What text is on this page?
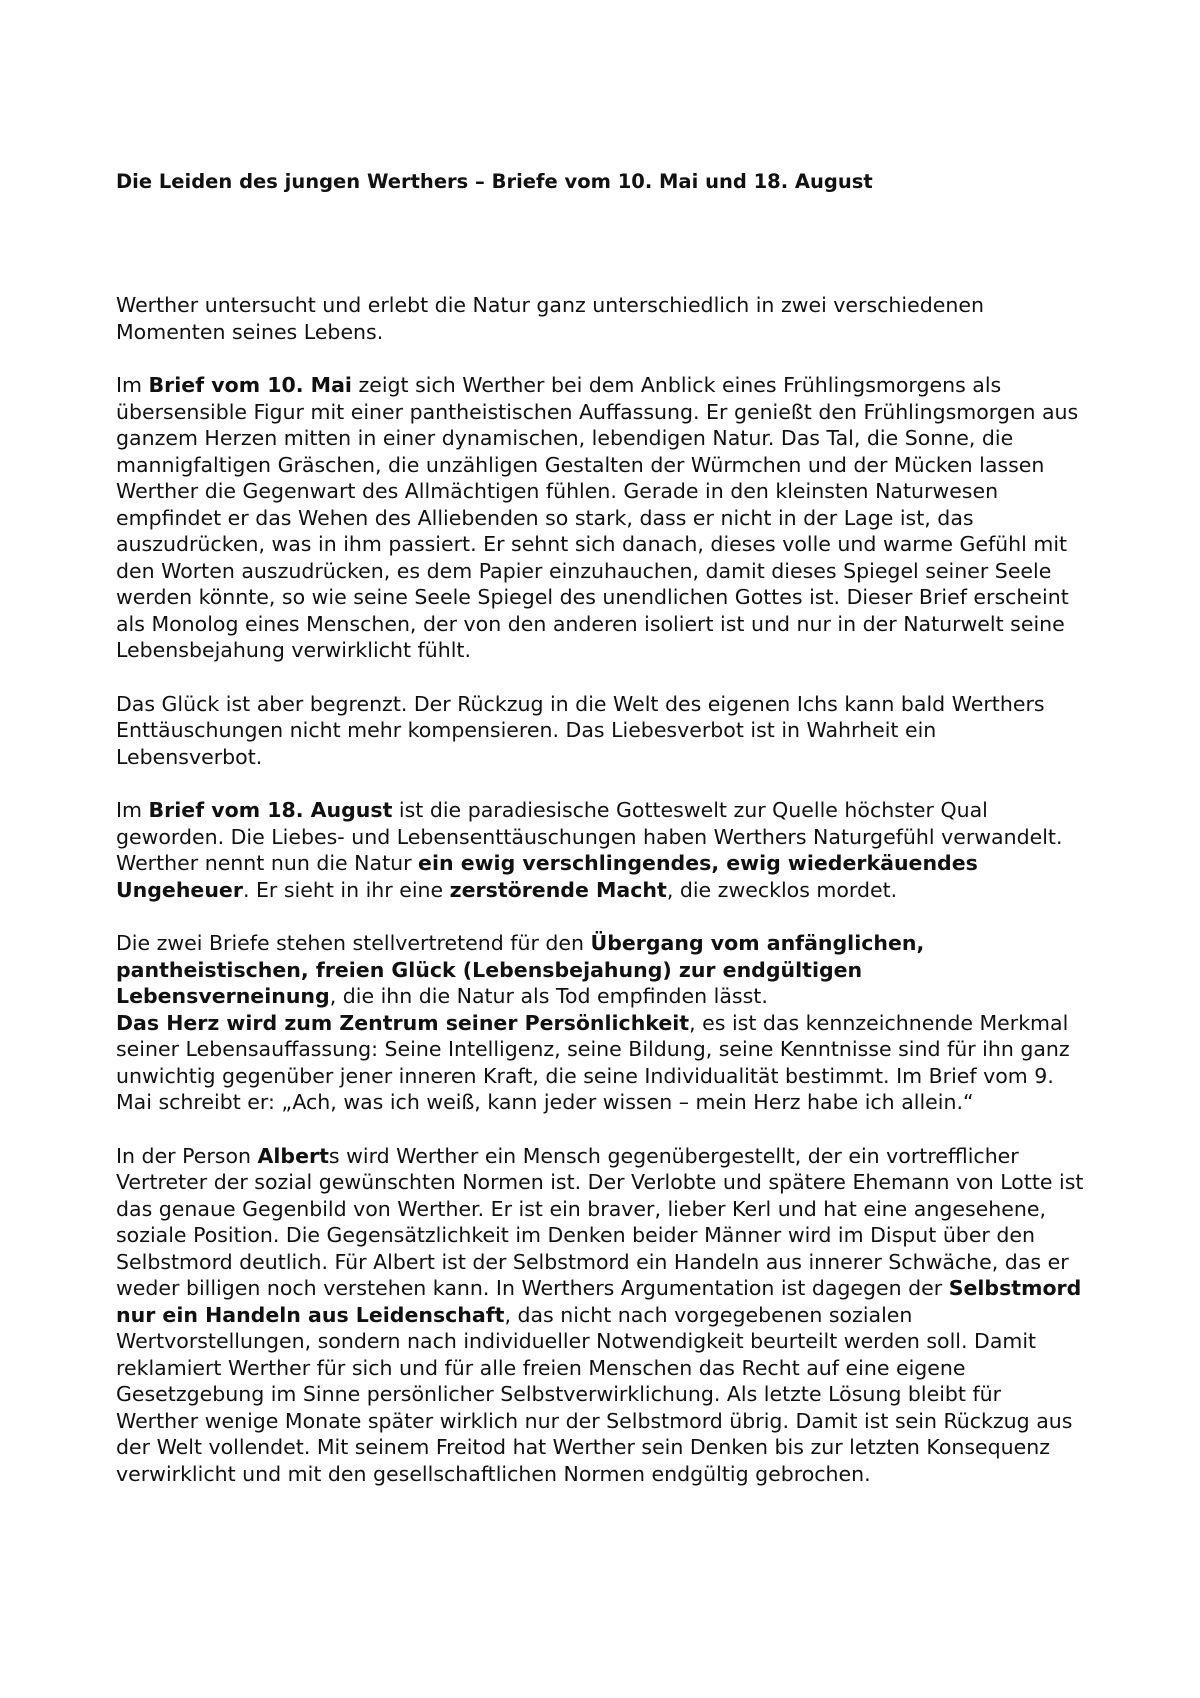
Die Leiden des jungen Werthers – Briefe vom 10. Mai und 18. August

Werther untersucht und erlebt die Natur ganz unterschiedlich in zwei verschiedenen Momenten seines Lebens.

Im Brief vom 10. Mai zeigt sich Werther bei dem Anblick eines Frühlingsmorgens als übersensible Figur mit einer pantheistischen Auffassung. Er genießt den Frühlingsmorgen aus ganzem Herzen mitten in einer dynamischen, lebendigen Natur. Das Tal, die Sonne, die mannigfaltigen Gräschen, die unzähligen Gestalten der Würmchen und der Mücken lassen Werther die Gegenwart des Allmächtigen fühlen. Gerade in den kleinsten Naturwesen empfindet er das Wehen des Alliebenden so stark, dass er nicht in der Lage ist, das auszudrücken, was in ihm passiert. Er sehnt sich danach, dieses volle und warme Gefühl mit den Worten auszudrücken, es dem Papier einzuhauchen, damit dieses Spiegel seiner Seele werden könnte, so wie seine Seele Spiegel des unendlichen Gottes ist. Dieser Brief erscheint als Monolog eines Menschen, der von den anderen isoliert ist und nur in der Naturwelt seine Lebensbejahung verwirklicht fühlt.

Das Glück ist aber begrenzt. Der Rückzug in die Welt des eigenen Ichs kann bald Werthers Enttäuschungen nicht mehr kompensieren. Das Liebesverbot ist in Wahrheit ein Lebensverbot.

Im Brief vom 18. August ist die paradiesische Gotteswelt zur Quelle höchster Qual geworden. Die Liebes- und Lebensenttäuschungen haben Werthers Naturgefühl verwandelt. Werther nennt nun die Natur ein ewig verschlingendes, ewig wiederkäuendes Ungeheuer. Er sieht in ihr eine zerstörende Macht, die zwecklos mordet.

Die zwei Briefe stehen stellvertretend für den Übergang vom anfänglichen, pantheistischen, freien Glück (Lebensbejahung) zur endgültigen Lebensverneinung, die ihn die Natur als Tod empfinden lässt.

Das Herz wird zum Zentrum seiner Persönlichkeit, es ist das kennzeichnende Merkmal seiner Lebensauffassung: Seine Intelligenz, seine Bildung, seine Kenntnisse sind für ihn ganz unwichtig gegenüber jener inneren Kraft, die seine Individualität bestimmt. Im Brief vom 9. Mai schreibt er: „Ach, was ich weiß, kann jeder wissen – mein Herz habe ich allein.“

In der Person Alberts wird Werther ein Mensch gegenübergestellt, der ein vortrefflicher Vertreter der sozial gewünschten Normen ist. Der Verlobte und spätere Ehemann von Lotte ist das genaue Gegenbild von Werther. Er ist ein braver, lieber Kerl und hat eine angesehene, soziale Position. Die Gegensätzlichkeit im Denken beider Männer wird im Disput über den Selbstmord deutlich. Für Albert ist der Selbstmord ein Handeln aus innerer Schwäche, das er weder billigen noch verstehen kann. In Werthers Argumentation ist dagegen der Selbstmord nur ein Handeln aus Leidenschaft, das nicht nach vorgegebenen sozialen Wertvorstellungen, sondern nach individueller Notwendigkeit beurteilt werden soll. Damit reklamiert Werther für sich und für alle freien Menschen das Recht auf eine eigene Gesetzgebung im Sinne persönlicher Selbstverwirklichung. Als letzte Lösung bleibt für Werther wenige Monate später wirklich nur der Selbstmord übrig. Damit ist sein Rückzug aus der Welt vollendet. Mit seinem Freitod hat Werther sein Denken bis zur letzten Konsequenz verwirklicht und mit den gesellschaftlichen Normen endgültig gebrochen.
